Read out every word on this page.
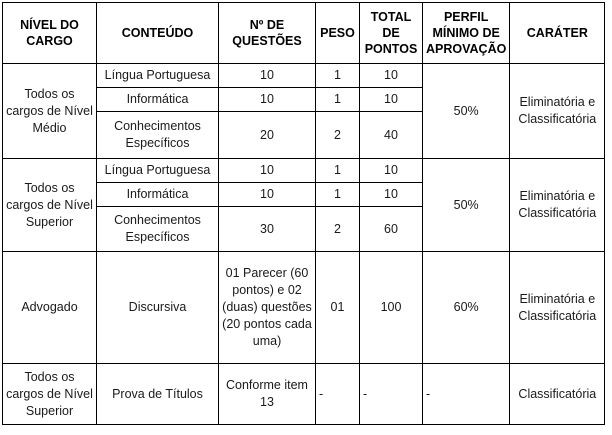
NÍVEL DO CARGO	CONTEÚDO	Nº DE QUESTÕES	PESO	TOTAL DE PONTOS	PERFIL MÍNIMO DE APROVAÇÃO	CARÁTER
Todos os cargos de Nível Médio	Língua Portuguesa	10	1	10	50%	Eliminatória e Classificatória
	Informática	10	1	10		
	Conhecimentos Específicos	20	2	40		
Todos os cargos de Nível Superior	Língua Portuguesa	10	1	10	50%	Eliminatória e Classificatória
	Informática	10	1	10		
	Conhecimentos Específicos	30	2	60		
Advogado	Discursiva	01 Parecer (60 pontos) e 02 (duas) questões (20 pontos cada uma)	01	100	60%	Eliminatória e Classificatória
Todos os cargos de Nível Superior	Prova de Títulos	Conforme item 13	-	-	-	Classificatória
